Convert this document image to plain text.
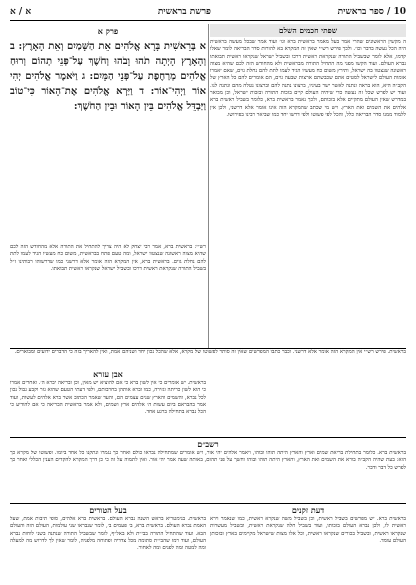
10 / ספר בראשית
פרשת בראשית
א / א
שפתי חכמים השלם
ה מקשין הראשונים שהרי אמר בעל מאמר בראשית ברא וגו׳ ועוד אמר שבכל מעשה בראשית היה הכל נעשה בדבר וכו׳. ולכך פירש רש״י שאין זה המקרא בא להורות סדר הבריאה לומר שאלו קדמו, אלא לומר שבשביל התורה שנקראת ראשית דרכו ובשביל ישראל שנקראו ראשית תבואתו נברא העולם. ועוד הקשו מפני מה התחיל התורה מבראשית ולא מהחודש הזה לכם שהיא מצוה ראשונה שנצטוו בה ישראל, ותירץ משום כח מעשיו הגיד לעמו לתת להם נחלת גוים, שאם יאמרו אומות העולם לישראל לסטים אתם שכבשתם ארצות שבעה גוים, הם אומרים להם כל הארץ של הקב״ה היא, הוא בראה ונתנה לאשר ישר בעיניו, ברצונו נתנה להם וברצונו נטלה מהם ונתנה לנו. ועוד יש לפרש שכל זה נעשה כדי שיהיה העולם קיים בזכות התורה ובזכות ישראל, וכן מבואר במדרש שאין העולם מתקיים אלא בזכותם, ולכך נאמר בראשית ברא, כלומר בשביל ראשית ברא אלהים את השמים ואת הארץ. ויש מי שכתב שהמקרא הזה אינו אומר אלא דרשני, ולכן אין ללמוד ממנו סדר הבריאה כלל, והכל לפי פשוטו ולפי דרשו יחד כמו שביאר רבינו בפירושו.
פרק א
א בְּרֵאשִׁית בָּרָא אֱלֹהִים אֵת הַשָּׁמַיִם וְאֵת הָאָרֶץ: ב וְהָאָרֶץ הָיְתָה תֹהוּ וָבֹהוּ וְחֹשֶׁךְ עַל־פְּנֵי תְהוֹם וְרוּחַ אֱלֹהִים מְרַחֶפֶת עַל־פְּנֵי הַמָּיִם: ג וַיֹּאמֶר אֱלֹהִים יְהִי אוֹר וַיְהִי־אוֹר: ד וַיַּרְא אֱלֹהִים אֶת־הָאוֹר כִּי־טוֹב וַיַּבְדֵּל אֱלֹהִים בֵּין הָאוֹר וּבֵין הַחֹשֶׁךְ:
רש״י: בראשית ברא, אמר רבי יצחק לא היה צריך להתחיל את התורה אלא מהחודש הזה לכם שהיא מצוה ראשונה שנצטוו ישראל, ומה טעם פתח בבראשית, משום כח מעשיו הגיד לעמו לתת להם נחלת גוים. בראשית ברא, אין המקרא הזה אומר אלא דרשני כמו שדרשוהו רבותינו ז״ל בשביל התורה שנקראת ראשית דרכו ובשביל ישראל שנקראו ראשית תבואתו.
בראשית. פירש רש״י אין המקרא הזה אומר אלא דרשני. וכבר כתבו המפרשים שאין זה סותר לפשוטו של מקרא, אלא שהכל נכון יחד ושניהם אמת, ואין להאריך בזה כי הדברים ידועים ומבוארים.
אבן עזרא
בראשית. יש אומרים כי אין לשון ברא כי אם להוציא יש מאין, וכן ובריאה יברא ה׳. ואחרים אמרו כי הוא לשון כריתה וגזירה, כמו וברא אותהן בחרבותם, ולפי דעתי הטעם שהוא גזר וקבע גבול נכון לכל נברא, והשמים והארץ שנים עצמים הם, והעד שאמר הכתוב אשר ברא אלהים לעשות, ועוד אמר בהבראם ביום עשות ה׳ אלהים ארץ ושמים, ולא אמר בראשית הבריאה כי אם להודיע כי הכל נברא בתחילה ברגע אחד.
רשב״ם
בראשית ברא. כלומר בתחילת בריאת שמים וארץ והארץ היתה תוהו ובוהו, ויאמר אלהים יהי אור, ויש אומרים שמתחילה נבראו כולם ואחר כך נגמרו ונתקנו כל אחד ביומו. ופשוטו של מקרא כך הוא: בעת שהיה הקב״ה בורא את השמים ואת הארץ, והארץ היתה תוהו ובוהו וחשך על פני תהום, באותה שעה אמר יהי אור. ואין לתמוה על זה כי כן דרך המקרא להקדים הענין הכללי ואחר כך לפרש כל דבר ודבר.
בעל הטורים
בראשית. בגימטריא בראש השנה נברא העולם. בראשית ברא אלהים, סופי תיבות אמת, שעל האמת נברא העולם. בראשית ברא, ב׳ פעמים ב׳, לומר שנבראו שני עולמות, העולם הזה והעולם הבא. ועוד שהתחיל התורה בבי״ת ולא באל״ף, לומר שבשביל התורה שנתנה בשני לוחות נברא העולם, ועוד רמז שהבי״ת סתומה מכל צדדיה ופתוחה מלפניה, לומר שאין לך לדרוש מה למעלה ומה למטה ומה לפנים ומה לאחור.
דעת זקנים
בראשית ברא. יש מפרשים בשביל ראשית, וכן בשביל משה שנקרא ראשית, כמו שנאמר וירא ראשית לו, ולכן נברא העולם בזכותו, ועוד בשביל חלה שנקראת ראשית, ובשביל מעשרות שנקראו ראשית, ובשביל בכורים שנקראו ראשית, וכל אלו מצות שישראל מקיימים בארץ ובזכותן העולם עומד.
